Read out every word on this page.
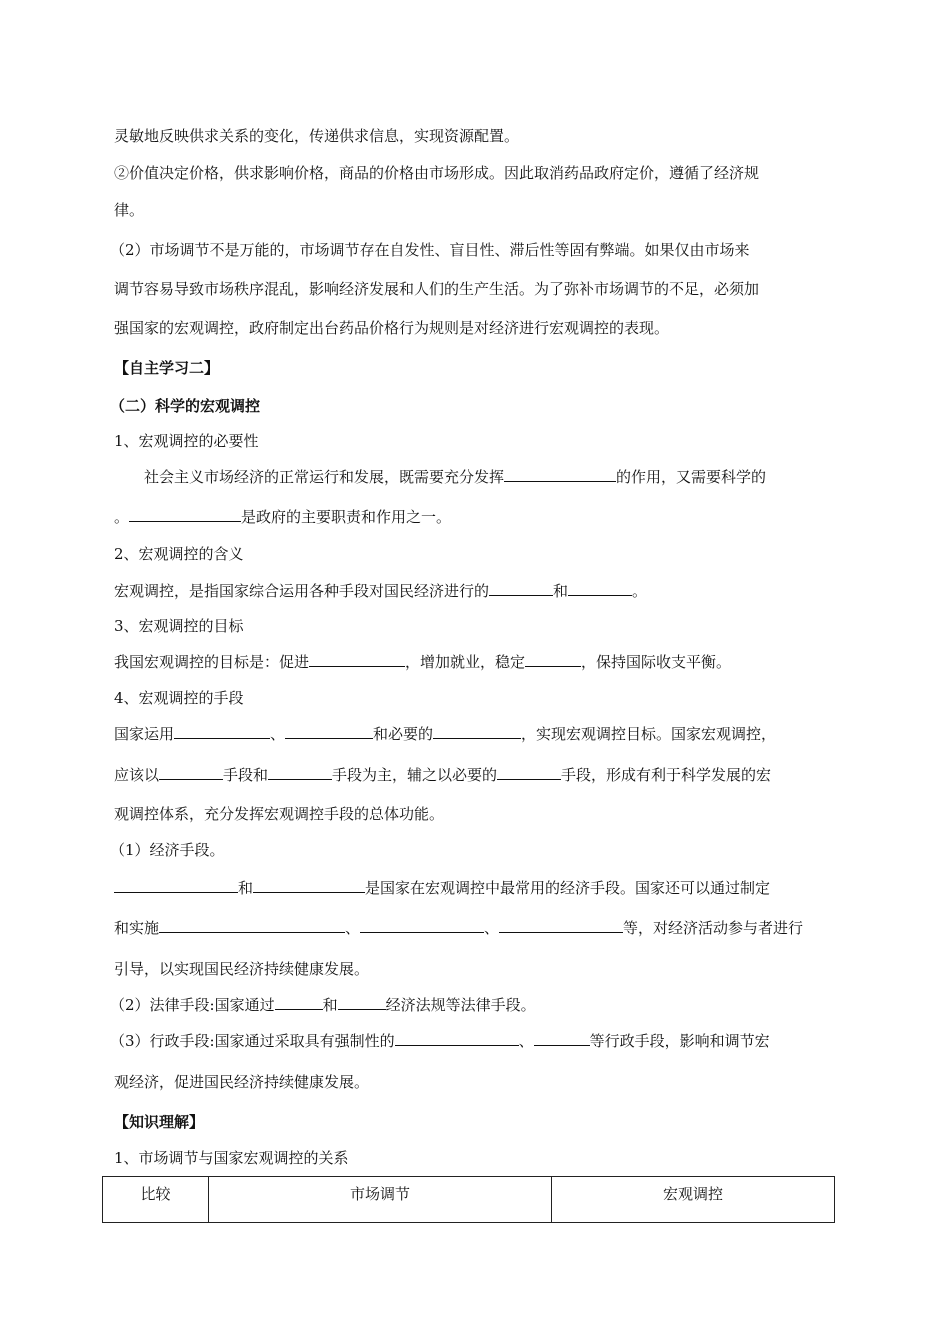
灵敏地反映供求关系的变化，传递供求信息，实现资源配置。
②价值决定价格，供求影响价格，商品的价格由市场形成。因此取消药品政府定价，遵循了经济规
律。
（2）市场调节不是万能的，市场调节存在自发性、盲目性、滞后性等固有弊端。如果仅由市场来
调节容易导致市场秩序混乱，影响经济发展和人们的生产生活。为了弥补市场调节的不足，必须加
强国家的宏观调控，政府制定出台药品价格行为规则是对经济进行宏观调控的表现。
【自主学习二】
（二）科学的宏观调控
1、宏观调控的必要性
社会主义市场经济的正常运行和发展，既需要充分发挥	的作用，又需要科学的
。	是政府的主要职责和作用之一。
2、宏观调控的含义
宏观调控，是指国家综合运用各种手段对国民经济进行的	和	。
3、宏观调控的目标
我国宏观调控的目标是：促进	，增加就业，稳定	，保持国际收支平衡。
4、宏观调控的手段
国家运用	、	和必要的	，实现宏观调控目标。国家宏观调控，
应该以	手段和	手段为主，辅之以必要的	手段，形成有利于科学发展的宏
观调控体系，充分发挥宏观调控手段的总体功能。
（1）经济手段。
和	是国家在宏观调控中最常用的经济手段。国家还可以通过制定
和实施	、	、	等，对经济活动参与者进行
引导，以实现国民经济持续健康发展。
（2）法律手段:国家通过	和	经济法规等法律手段。
（3）行政手段:国家通过采取具有强制性的	、	等行政手段，影响和调节宏
观经济，促进国民经济持续健康发展。
【知识理解】
1、市场调节与国家宏观调控的关系
比较	市场调节	宏观调控
